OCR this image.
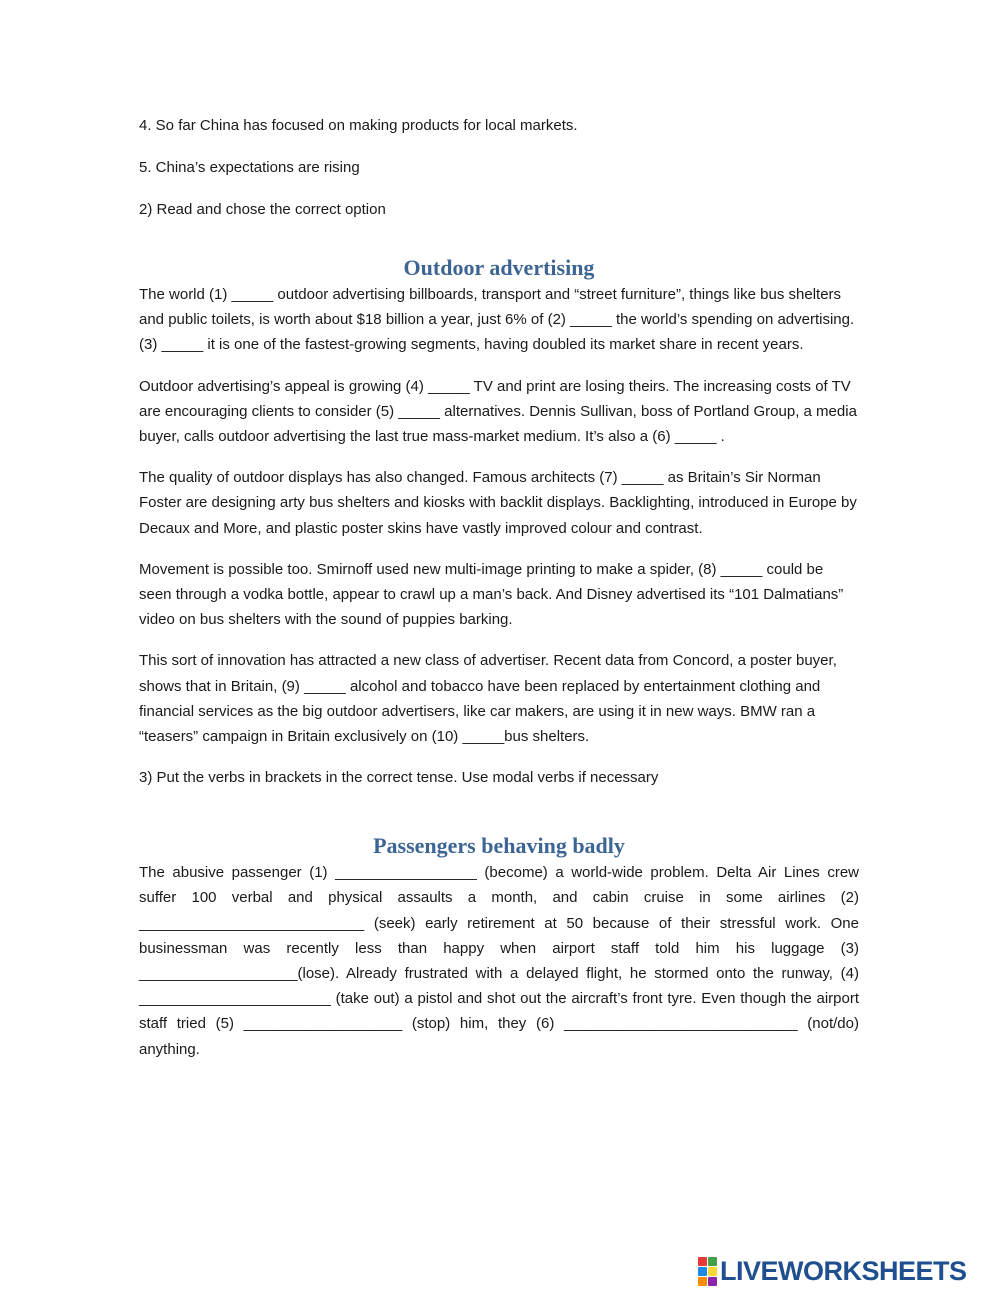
4. So far China has focused on making products for local markets.

5. China’s expectations are rising

2) Read and chose the correct option

Outdoor advertising

The world (1) _____ outdoor advertising billboards, transport and “street furniture”, things like bus shelters and public toilets, is worth about $18 billion a year, just 6% of (2) _____ the world’s spending on advertising. (3) _____ it is one of the fastest-growing segments, having doubled its market share in recent years.

Outdoor advertising’s appeal is growing (4) _____ TV and print are losing theirs. The increasing costs of TV are encouraging clients to consider (5) _____ alternatives. Dennis Sullivan, boss of Portland Group, a media buyer, calls outdoor advertising the last true mass-market medium. It’s also a (6) _____ .

The quality of outdoor displays has also changed. Famous architects (7) _____ as Britain’s Sir Norman Foster are designing arty bus shelters and kiosks with backlit displays. Backlighting, introduced in Europe by Decaux and More, and plastic poster skins have vastly improved colour and contrast.

Movement is possible too. Smirnoff used new multi-image printing to make a spider, (8) _____ could be seen through a vodka bottle, appear to crawl up a man’s back. And Disney advertised its “101 Dalmatians” video on bus shelters with the sound of puppies barking.

This sort of innovation has attracted a new class of advertiser. Recent data from Concord, a poster buyer, shows that in Britain, (9) _____ alcohol and tobacco have been replaced by entertainment clothing and financial services as the big outdoor advertisers, like car makers, are using it in new ways. BMW ran a “teasers” campaign in Britain exclusively on (10) _____bus shelters.

3) Put the verbs in brackets in the correct tense. Use modal verbs if necessary

Passengers behaving badly

The abusive passenger (1) _________________ (become) a world-wide problem. Delta Air Lines crew suffer 100 verbal and physical assaults a month, and cabin cruise in some airlines (2) ___________________________ (seek) early retirement at 50 because of their stressful work. One businessman was recently less than happy when airport staff told him his luggage (3) ___________________(lose). Already frustrated with a delayed flight, he stormed onto the runway, (4) _______________________ (take out) a pistol and shot out the aircraft’s front tyre. Even though the airport staff tried (5) ___________________ (stop) him, they (6) ____________________________ (not/do) anything.

LIVEWORKSHEETS
